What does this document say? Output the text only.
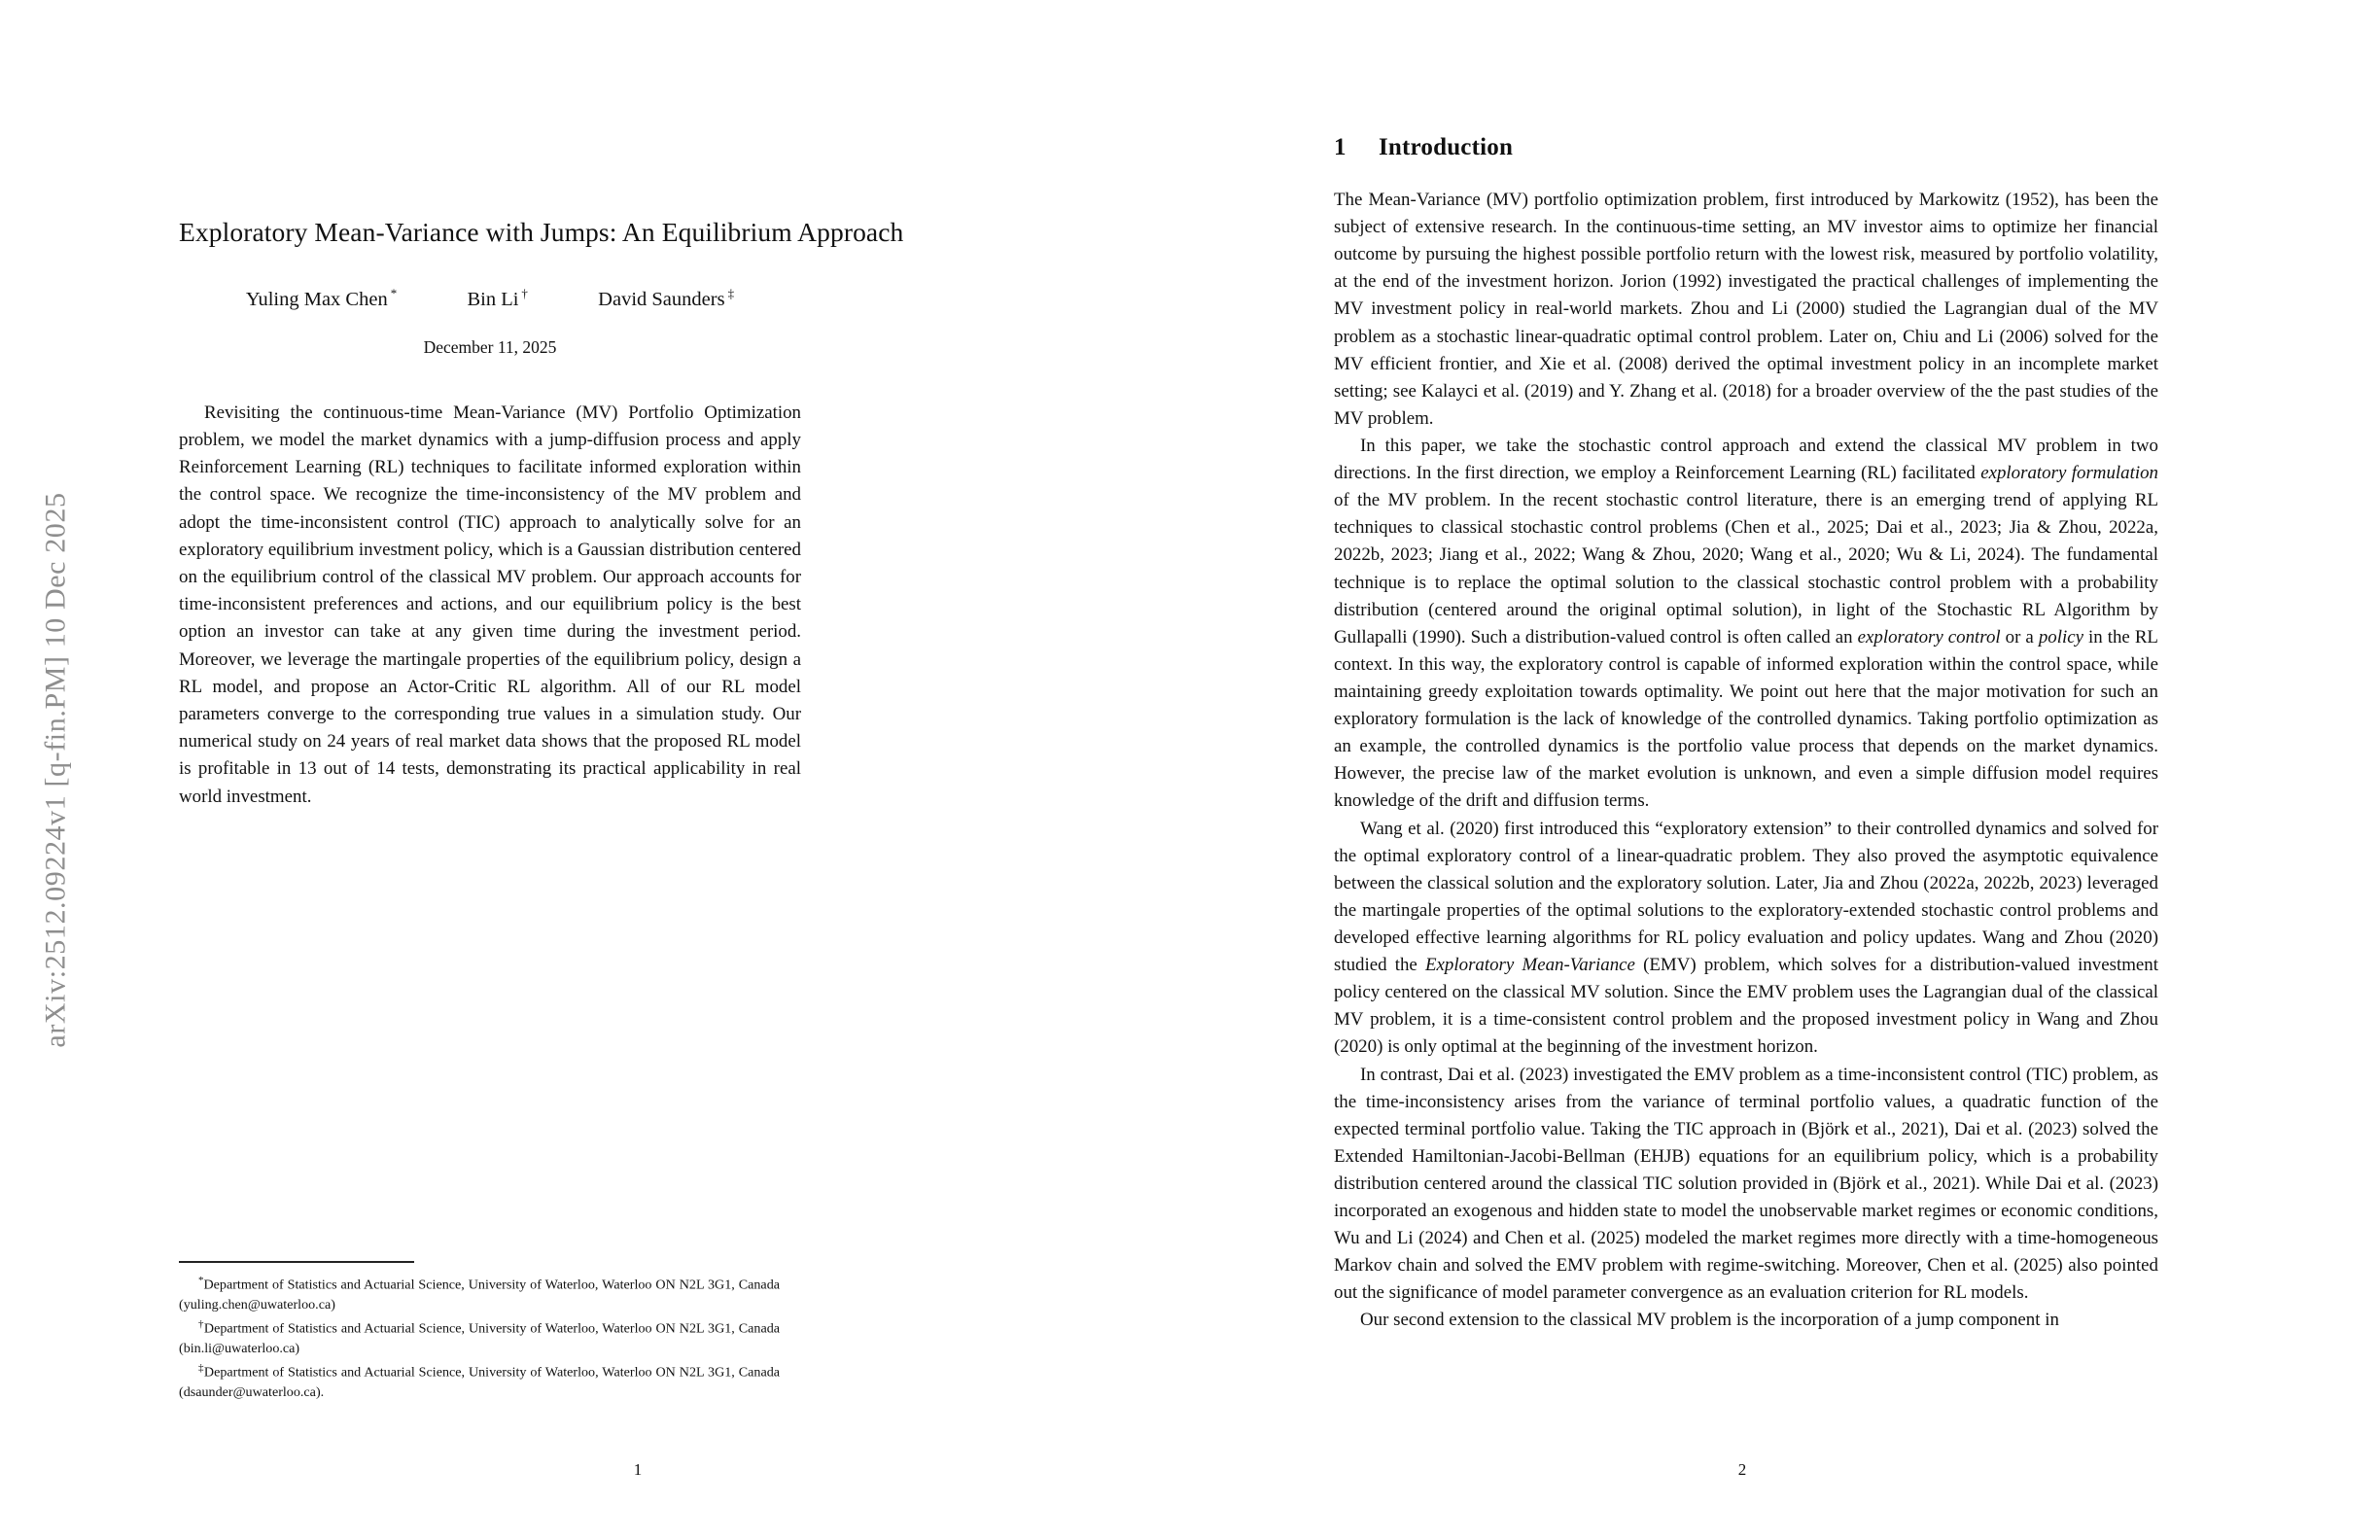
arXiv:2512.09224v1 [q-fin.PM] 10 Dec 2025
Exploratory Mean-Variance with Jumps: An Equilibrium Approach
Yuling Max Chen *	Bin Li †	David Saunders ‡
December 11, 2025
Revisiting the continuous-time Mean-Variance (MV) Portfolio Optimization problem, we model the market dynamics with a jump-diffusion process and apply Reinforcement Learning (RL) techniques to facilitate informed exploration within the control space. We recognize the time-inconsistency of the MV problem and adopt the time-inconsistent control (TIC) approach to analytically solve for an exploratory equilibrium investment policy, which is a Gaussian distribution centered on the equilibrium control of the classical MV problem. Our approach accounts for time-inconsistent preferences and actions, and our equilibrium policy is the best option an investor can take at any given time during the investment period. Moreover, we leverage the martingale properties of the equilibrium policy, design a RL model, and propose an Actor-Critic RL algorithm. All of our RL model parameters converge to the corresponding true values in a simulation study. Our numerical study on 24 years of real market data shows that the proposed RL model is profitable in 13 out of 14 tests, demonstrating its practical applicability in real world investment.
*Department of Statistics and Actuarial Science, University of Waterloo, Waterloo ON N2L 3G1, Canada (yuling.chen@uwaterloo.ca)
†Department of Statistics and Actuarial Science, University of Waterloo, Waterloo ON N2L 3G1, Canada (bin.li@uwaterloo.ca)
‡Department of Statistics and Actuarial Science, University of Waterloo, Waterloo ON N2L 3G1, Canada (dsaunder@uwaterloo.ca).
1
1 Introduction

The Mean-Variance (MV) portfolio optimization problem, first introduced by Markowitz (1952), has been the subject of extensive research. In the continuous-time setting, an MV investor aims to optimize her financial outcome by pursuing the highest possible portfolio return with the lowest risk, measured by portfolio volatility, at the end of the investment horizon. Jorion (1992) investigated the practical challenges of implementing the MV investment policy in real-world markets. Zhou and Li (2000) studied the Lagrangian dual of the MV problem as a stochastic linear-quadratic optimal control problem. Later on, Chiu and Li (2006) solved for the MV efficient frontier, and Xie et al. (2008) derived the optimal investment policy in an incomplete market setting; see Kalayci et al. (2019) and Y. Zhang et al. (2018) for a broader overview of the the past studies of the MV problem.

In this paper, we take the stochastic control approach and extend the classical MV problem in two directions. In the first direction, we employ a Reinforcement Learning (RL) facilitated exploratory formulation of the MV problem. In the recent stochastic control literature, there is an emerging trend of applying RL techniques to classical stochastic control problems (Chen et al., 2025; Dai et al., 2023; Jia & Zhou, 2022a, 2022b, 2023; Jiang et al., 2022; Wang & Zhou, 2020; Wang et al., 2020; Wu & Li, 2024). The fundamental technique is to replace the optimal solution to the classical stochastic control problem with a probability distribution (centered around the original optimal solution), in light of the Stochastic RL Algorithm by Gullapalli (1990). Such a distribution-valued control is often called an exploratory control or a policy in the RL context. In this way, the exploratory control is capable of informed exploration within the control space, while maintaining greedy exploitation towards optimality. We point out here that the major motivation for such an exploratory formulation is the lack of knowledge of the controlled dynamics. Taking portfolio optimization as an example, the controlled dynamics is the portfolio value process that depends on the market dynamics. However, the precise law of the market evolution is unknown, and even a simple diffusion model requires knowledge of the drift and diffusion terms.

Wang et al. (2020) first introduced this “exploratory extension” to their controlled dynamics and solved for the optimal exploratory control of a linear-quadratic problem. They also proved the asymptotic equivalence between the classical solution and the exploratory solution. Later, Jia and Zhou (2022a, 2022b, 2023) leveraged the martingale properties of the optimal solutions to the exploratory-extended stochastic control problems and developed effective learning algorithms for RL policy evaluation and policy updates. Wang and Zhou (2020) studied the Exploratory Mean-Variance (EMV) problem, which solves for a distribution-valued investment policy centered on the classical MV solution. Since the EMV problem uses the Lagrangian dual of the classical MV problem, it is a time-consistent control problem and the proposed investment policy in Wang and Zhou (2020) is only optimal at the beginning of the investment horizon.

In contrast, Dai et al. (2023) investigated the EMV problem as a time-inconsistent control (TIC) problem, as the time-inconsistency arises from the variance of terminal portfolio values, a quadratic function of the expected terminal portfolio value. Taking the TIC approach in (Björk et al., 2021), Dai et al. (2023) solved the Extended Hamiltonian-Jacobi-Bellman (EHJB) equations for an equilibrium policy, which is a probability distribution centered around the classical TIC solution provided in (Björk et al., 2021). While Dai et al. (2023) incorporated an exogenous and hidden state to model the unobservable market regimes or economic conditions, Wu and Li (2024) and Chen et al. (2025) modeled the market regimes more directly with a time-homogeneous Markov chain and solved the EMV problem with regime-switching. Moreover, Chen et al. (2025) also pointed out the significance of model parameter convergence as an evaluation criterion for RL models.

Our second extension to the classical MV problem is the incorporation of a jump component in

2
